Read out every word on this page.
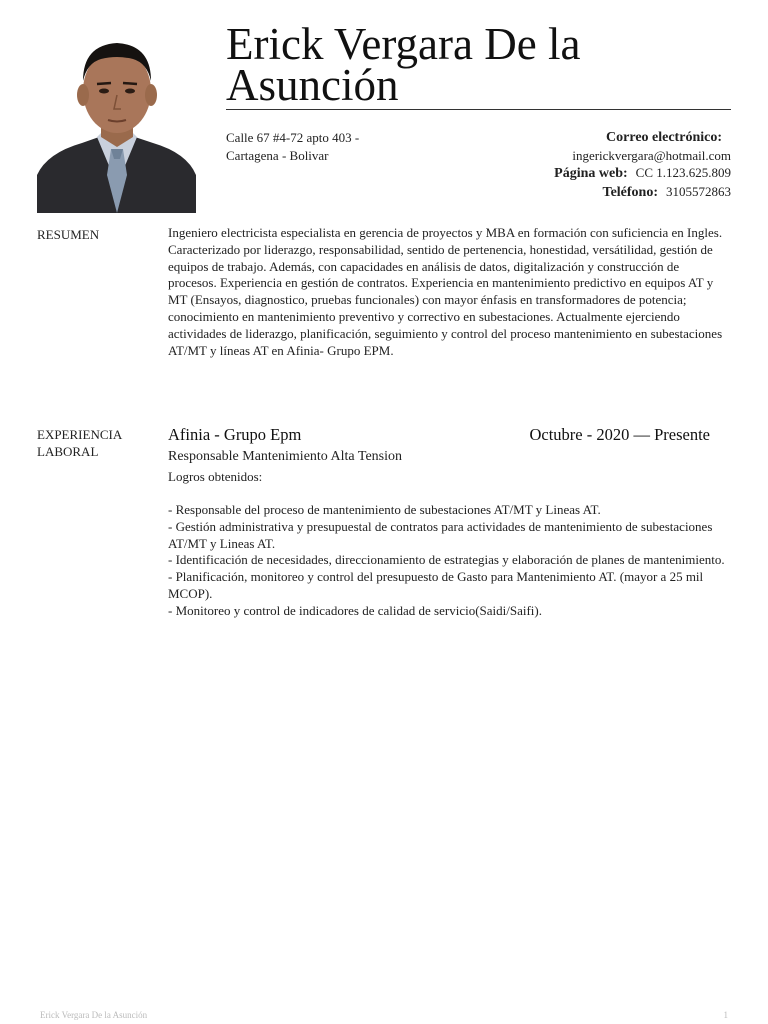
Erick Vergara De la Asunción
Calle 67 #4-72 apto 403 -
Cartagena - Bolivar
Correo electrónico:
ingerickvergara@hotmail.com
Página web: CC 1.123.625.809
Teléfono: 3105572863
RESUMEN	Ingeniero electricista especialista en gerencia de proyectos y MBA en formación con suficiencia en Ingles. Caracterizado por liderazgo, responsabilidad, sentido de pertenencia, honestidad, versátilidad, gestión de equipos de trabajo. Además, con capacidades en análisis de datos, digitalización y construcción de procesos. Experiencia en gestión de contratos. Experiencia en mantenimiento predictivo en equipos AT y MT (Ensayos, diagnostico, pruebas funcionales) con mayor énfasis en transformadores de potencia; conocimiento en mantenimiento preventivo y correctivo en subestaciones. Actualmente ejerciendo actividades de liderazgo, planificación, seguimiento y control del proceso mantenimiento en subestaciones AT/MT y líneas AT en Afinia- Grupo EPM.

EXPERIENCIA
LABORAL
Afinia - Grupo Epm	Octubre - 2020 — Presente
Responsable Mantenimiento Alta Tension
Logros obtenidos:
- Responsable del proceso de mantenimiento de subestaciones AT/MT y Lineas AT.
- Gestión administrativa y presupuestal de contratos para actividades de mantenimiento de subestaciones AT/MT y Lineas AT.
- Identificación de necesidades, direccionamiento de estrategias y elaboración de planes de mantenimiento.
- Planificación, monitoreo y control del presupuesto de Gasto para Mantenimiento AT. (mayor a 25 mil MCOP).
- Monitoreo y control de indicadores de calidad de servicio(Saidi/Saifi).
Erick Vergara De la Asunción	1
